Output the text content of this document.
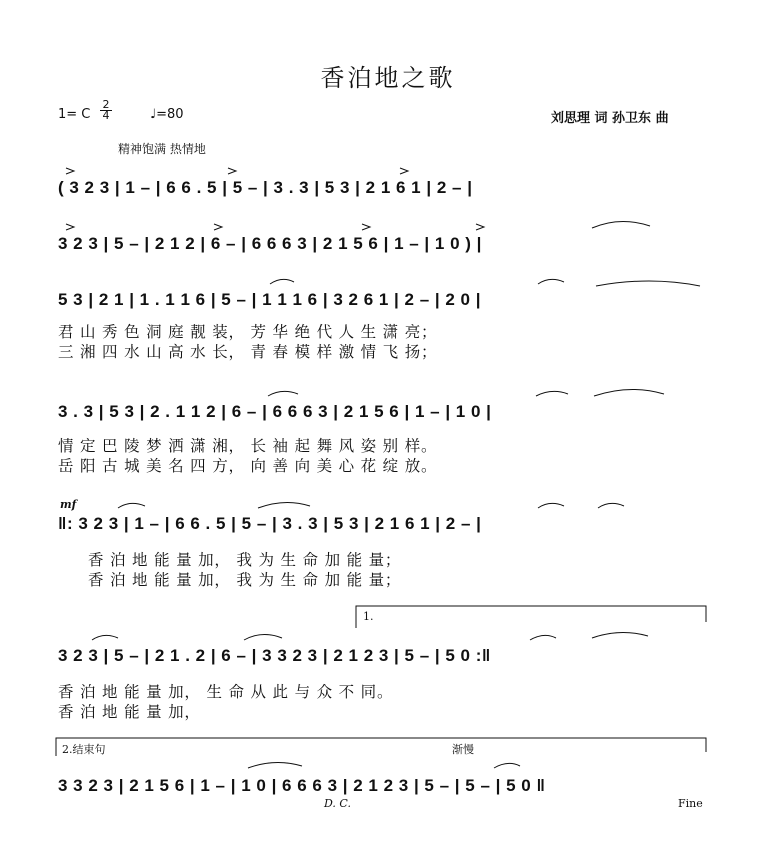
香泊地之歌
1= C
2
4	♩=80	刘思理 词 孙卫东 曲
精神饱满 热情地
( 3 2 3 | 1 – | 6 6 . 5 | 5 – | 3 . 3 | 5 3 | 2 1 6 1 | 2 – |
3 2 3 | 5 – | 2 1 2 | 6 – | 6 6 6 3 | 2 1 5 6 | 1 – | 1 0 ) |
5 3 | 2 1 | 1 . 1 1 6 | 5 – | 1 1 1 6 | 3 2 6 1 | 2 – | 2 0 |
君 山 秀 色 洞 庭 靓 装， 芳 华 绝 代 人 生 潇 亮；
三 湘 四 水 山 高 水 长， 青 春 模 样 激 情 飞 扬；
3 . 3 | 5 3 | 2 . 1 1 2 | 6 – | 6 6 6 3 | 2 1 5 6 | 1 – | 1 0 |
情 定 巴 陵 梦 洒 潇 湘， 长 袖 起 舞 风 姿 别 样。
岳 阳 古 城 美 名 四 方， 向 善 向 美 心 花 绽 放。
mf
‖: 3 2 3 | 1 – | 6 6 . 5 | 5 – | 3 . 3 | 5 3 | 2 1 6 1 | 2 – |
香 泊 地 能 量 加， 我 为 生 命 加 能 量；
香 泊 地 能 量 加， 我 为 生 命 加 能 量；
1.
3 2 3 | 5 – | 2 1 . 2 | 6 – | 3 3 2 3 | 2 1 2 3 | 5 – | 5 0 :‖
香 泊 地 能 量 加， 生 命 从 此 与 众 不 同。
香 泊 地 能 量 加，
2.结束句	渐慢
3 3 2 3 | 2 1 5 6 | 1 – | 1 0 | 6 6 6 3 | 2 1 2 3 | 5 – | 5 – | 5 0 ‖
D. C.	Fine
